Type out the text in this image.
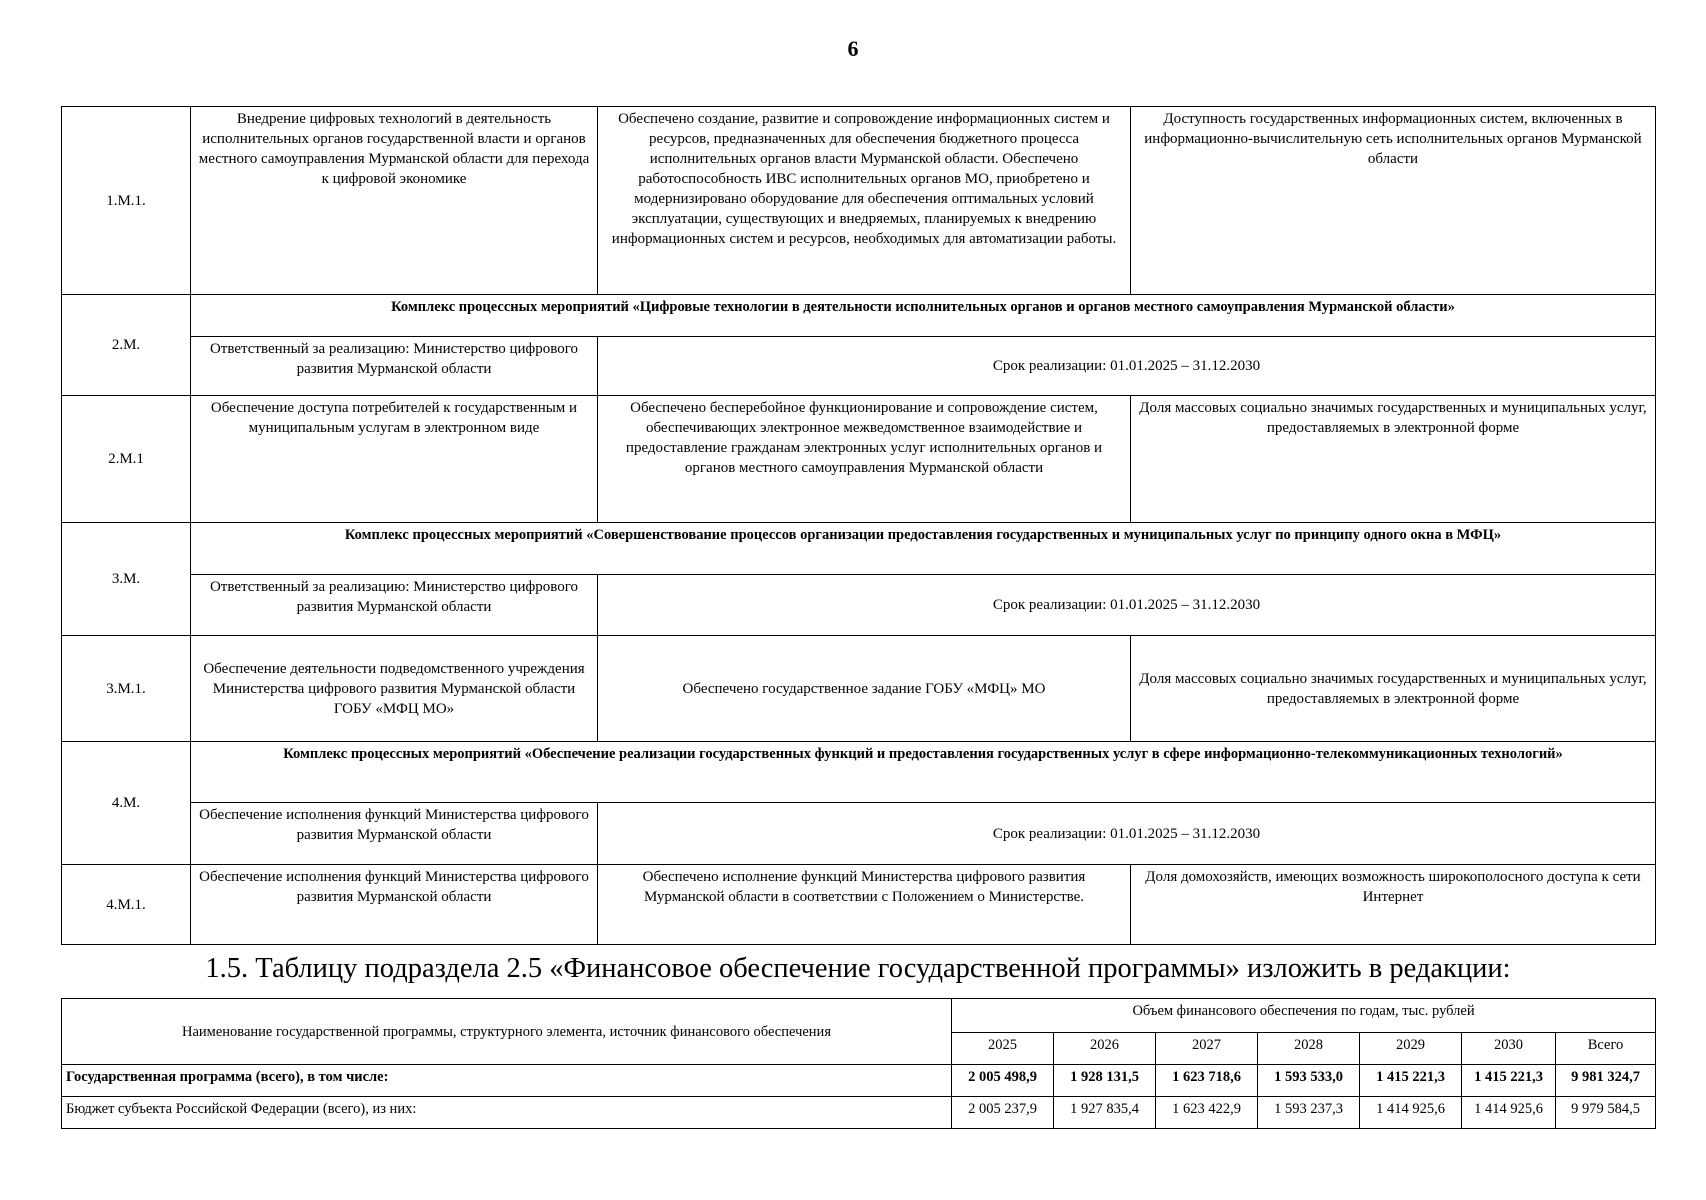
6
1.M.1.	Внедрение цифровых технологий в деятельность исполнительных органов государственной власти и органов местного самоуправления Мурманской области для перехода к цифровой экономике	Обеспечено создание, развитие и сопровождение информационных систем и ресурсов, предназначенных для обеспечения бюджетного процесса исполнительных органов власти Мурманской области. Обеспечено работоспособность ИВС исполнительных органов МО, приобретено и модернизировано оборудование для обеспечения оптимальных условий эксплуатации, существующих и внедряемых, планируемых к внедрению информационных систем и ресурсов, необходимых для автоматизации работы.	Доступность государственных информационных систем, включенных в информационно-вычислительную сеть исполнительных органов Мурманской области
2.M.	Комплекс процессных мероприятий «Цифровые технологии в деятельности исполнительных органов и органов местного самоуправления Мурманской области»		
	Ответственный за реализацию: Министерство цифрового развития Мурманской области	Срок реализации: 01.01.2025 – 31.12.2030	
2.M.1	Обеспечение доступа потребителей к государственным и муниципальным услугам в электронном виде	Обеспечено бесперебойное функционирование и сопровождение систем, обеспечивающих электронное межведомственное взаимодействие и предоставление гражданам электронных услуг исполнительных органов и органов местного самоуправления Мурманской области	Доля массовых социально значимых государственных и муниципальных услуг, предоставляемых в электронной форме
3.M.	Комплекс процессных мероприятий «Совершенствование процессов организации предоставления государственных и муниципальных услуг по принципу одного окна в МФЦ»		
	Ответственный за реализацию: Министерство цифрового развития Мурманской области	Срок реализации: 01.01.2025 – 31.12.2030	
3.M.1.	Обеспечение деятельности подведомственного учреждения Министерства цифрового развития Мурманской области ГОБУ «МФЦ МО»	Обеспечено государственное задание ГОБУ «МФЦ» МО	Доля массовых социально значимых государственных и муниципальных услуг, предоставляемых в электронной форме
4.M.	Комплекс процессных мероприятий «Обеспечение реализации государственных функций и предоставления государственных услуг в сфере информационно-телекоммуникационных технологий»		
	Обеспечение исполнения функций Министерства цифрового развития Мурманской области	Срок реализации: 01.01.2025 – 31.12.2030	
4.M.1.	Обеспечение исполнения функций Министерства цифрового развития Мурманской области	Обеспечено исполнение функций Министерства цифрового развития Мурманской области в соответствии с Положением о Министерстве.	Доля домохозяйств, имеющих возможность широкополосного доступа к сети Интернет
1.5. Таблицу подраздела 2.5 «Финансовое обеспечение государственной программы» изложить в редакции:
Наименование государственной программы, структурного элемента, источник финансового обеспечения	Объем финансового обеспечения по годам, тыс. рублей						
	2025	2026	2027	2028	2029	2030	Всего
Государственная программа (всего), в том числе:	2 005 498,9	1 928 131,5	1 623 718,6	1 593 533,0	1 415 221,3	1 415 221,3	9 981 324,7
Бюджет субъекта Российской Федерации (всего), из них:	2 005 237,9	1 927 835,4	1 623 422,9	1 593 237,3	1 414 925,6	1 414 925,6	9 979 584,5
